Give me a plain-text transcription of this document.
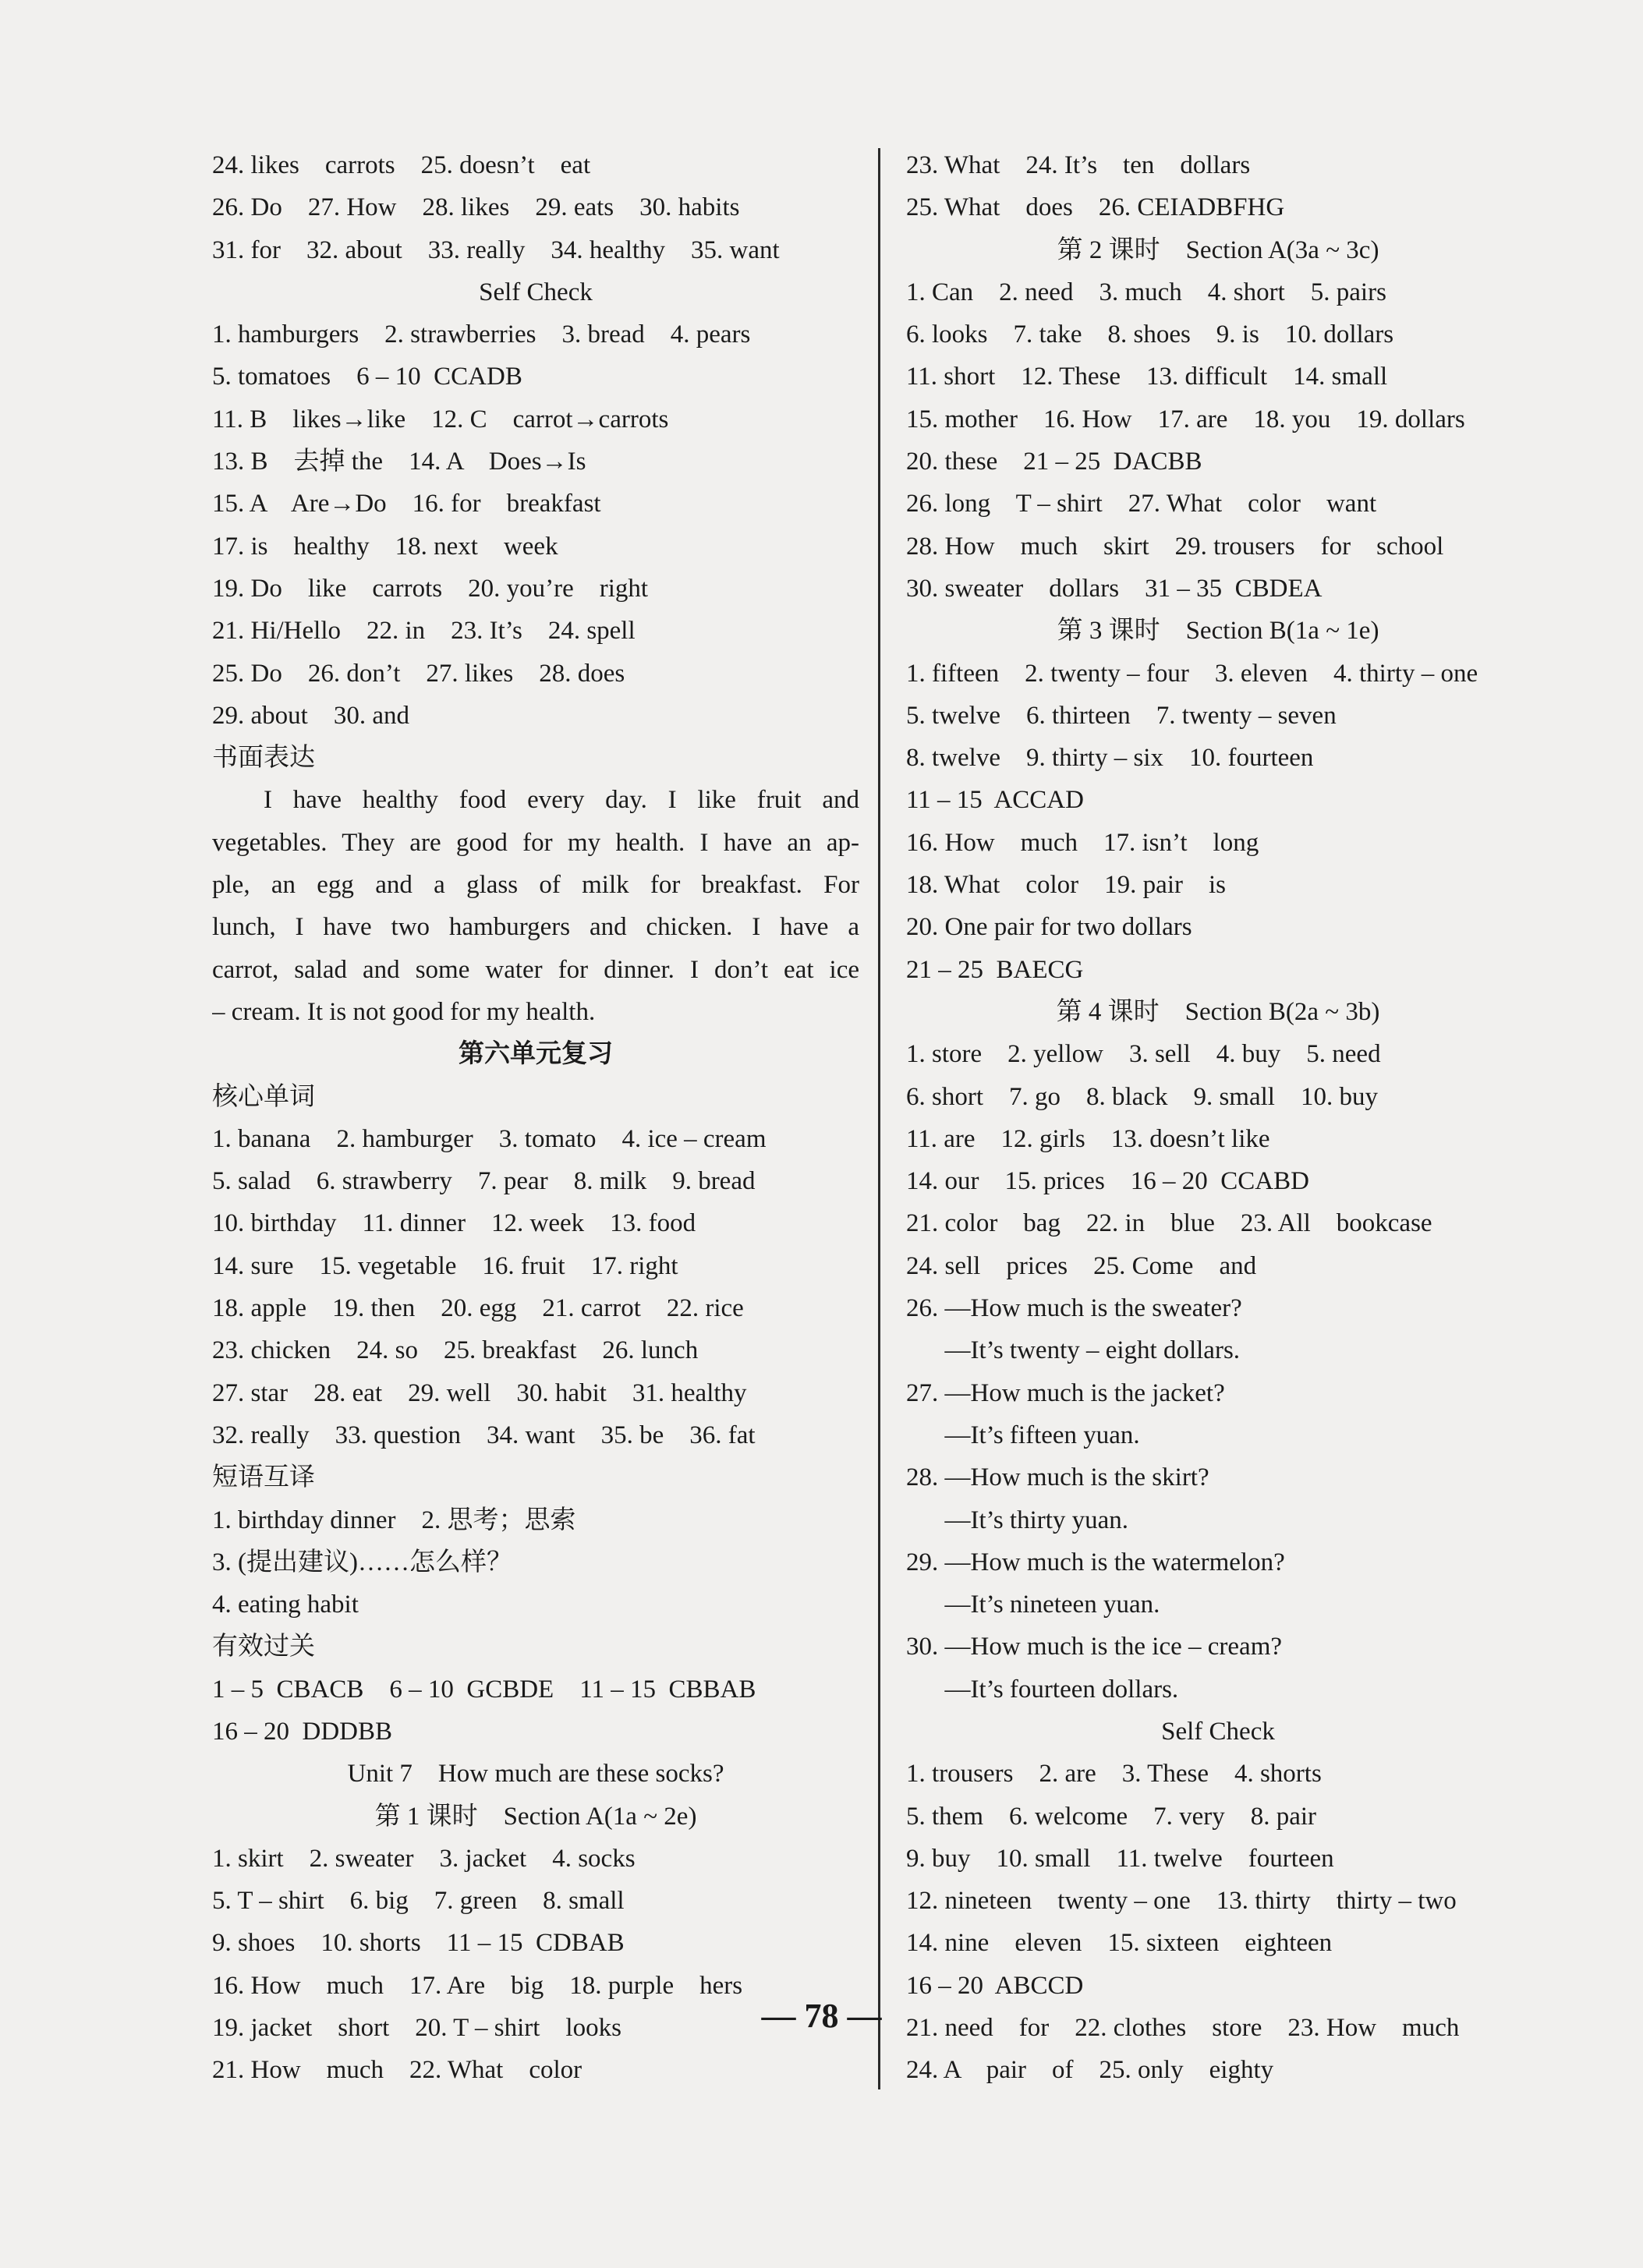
24. likes    carrots    25. doesn’t    eat
26. Do    27. How    28. likes    29. eats    30. habits
31. for    32. about    33. really    34. healthy    35. want
Self Check
1. hamburgers    2. strawberries    3. bread    4. pears
5. tomatoes    6 – 10  CCADB
11. B    likes→like    12. C    carrot→carrots
13. B    去掉 the    14. A    Does→Is
15. A    Are→Do    16. for    breakfast
17. is    healthy    18. next    week
19. Do    like    carrots    20. you’re    right
21. Hi/Hello    22. in    23. It’s    24. spell
25. Do    26. don’t    27. likes    28. does
29. about    30. and
书面表达
I  have  healthy  food  every  day.  I  like  fruit  and
vegetables. They are good for my health. I have an ap-
ple, an egg and a glass of milk for breakfast. For
lunch, I have two hamburgers and chicken. I have a
carrot, salad and some water for dinner. I don’t eat ice
– cream. It is not good for my health.
第六单元复习
核心单词
1. banana    2. hamburger    3. tomato    4. ice – cream
5. salad    6. strawberry    7. pear    8. milk    9. bread
10. birthday    11. dinner    12. week    13. food
14. sure    15. vegetable    16. fruit    17. right
18. apple    19. then    20. egg    21. carrot    22. rice
23. chicken    24. so    25. breakfast    26. lunch
27. star    28. eat    29. well    30. habit    31. healthy
32. really    33. question    34. want    35. be    36. fat
短语互译
1. birthday dinner    2. 思考；思索
3. (提出建议)……怎么样？
4. eating habit
有效过关
1 – 5  CBACB    6 – 10  GCBDE    11 – 15  CBBAB
16 – 20  DDDBB
Unit 7    How much are these socks?
第 1 课时    Section A(1a ~ 2e)
1. skirt    2. sweater    3. jacket    4. socks
5. T – shirt    6. big    7. green    8. small
9. shoes    10. shorts    11 – 15  CDBAB
16. How    much    17. Are    big    18. purple    hers
19. jacket    short    20. T – shirt    looks
21. How    much    22. What    color
23. What    24. It’s    ten    dollars
25. What    does    26. CEIADBFHG
第 2 课时    Section A(3a ~ 3c)
1. Can    2. need    3. much    4. short    5. pairs
6. looks    7. take    8. shoes    9. is    10. dollars
11. short    12. These    13. difficult    14. small
15. mother    16. How    17. are    18. you    19. dollars
20. these    21 – 25  DACBB
26. long    T – shirt    27. What    color    want
28. How    much    skirt    29. trousers    for    school
30. sweater    dollars    31 – 35  CBDEA
第 3 课时    Section B(1a ~ 1e)
1. fifteen    2. twenty – four    3. eleven    4. thirty – one
5. twelve    6. thirteen    7. twenty – seven
8. twelve    9. thirty – six    10. fourteen
11 – 15  ACCAD
16. How    much    17. isn’t    long
18. What    color    19. pair    is
20. One pair for two dollars
21 – 25  BAECG
第 4 课时    Section B(2a ~ 3b)
1. store    2. yellow    3. sell    4. buy    5. need
6. short    7. go    8. black    9. small    10. buy
11. are    12. girls    13. doesn’t like
14. our    15. prices    16 – 20  CCABD
21. color    bag    22. in    blue    23. All    bookcase
24. sell    prices    25. Come    and
26. —How much is the sweater?
—It’s twenty – eight dollars.
27. —How much is the jacket?
—It’s fifteen yuan.
28. —How much is the skirt?
—It’s thirty yuan.
29. —How much is the watermelon?
—It’s nineteen yuan.
30. —How much is the ice – cream?
—It’s fourteen dollars.
Self Check
1. trousers    2. are    3. These    4. shorts
5. them    6. welcome    7. very    8. pair
9. buy    10. small    11. twelve    fourteen
12. nineteen    twenty – one    13. thirty    thirty – two
14. nine    eleven    15. sixteen    eighteen
16 – 20  ABCCD
21. need    for    22. clothes    store    23. How    much
24. A    pair    of    25. only    eighty
— 78 —
